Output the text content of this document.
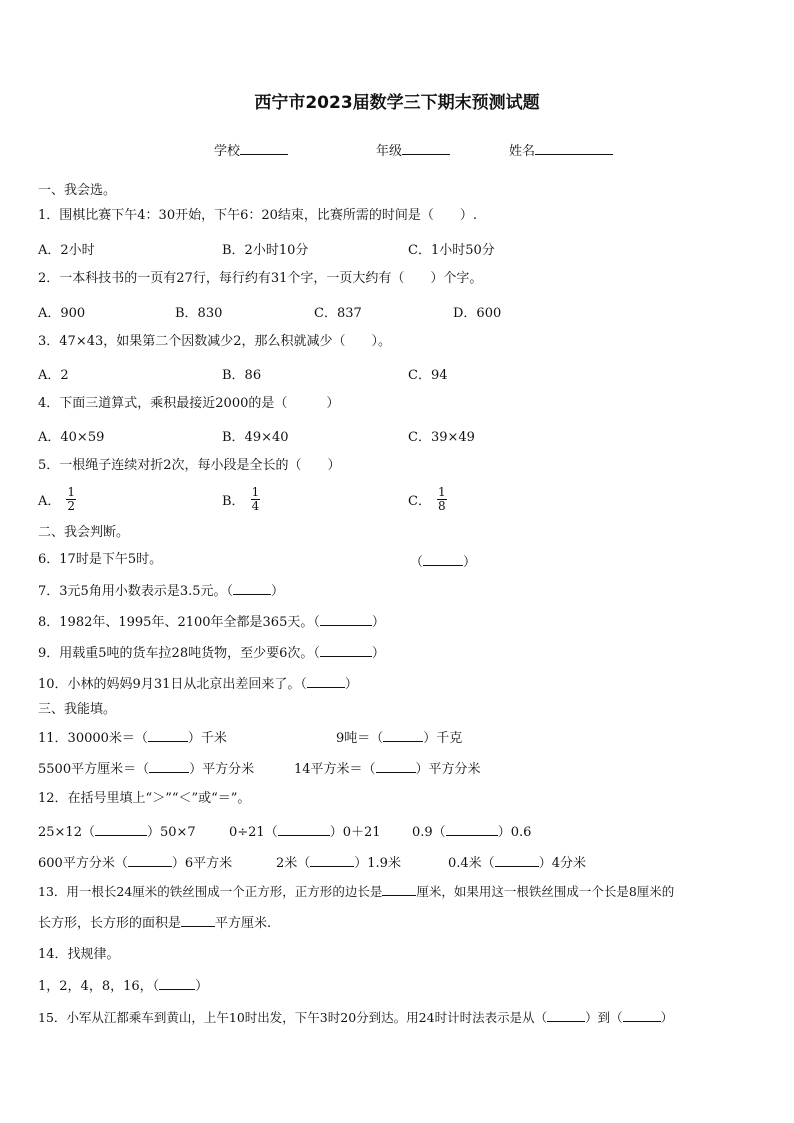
西宁市2023届数学三下期末预测试题
学校	年级	姓名
一、我会选。
1．围棋比赛下午4：30开始，下午6：20结束，比赛所需的时间是（　　）.
A．2小时	B．2小时10分	C．1小时50分
2．一本科技书的一页有27行，每行约有31个字，一页大约有（　　）个字。
A．900	B．830	C．837	D．600
3．47×43，如果第二个因数减少2，那么积就减少（　　）。
A．2	B．86	C．94
4．下面三道算式，乘积最接近2000的是（　　　）
A．40×59	B．49×40	C．39×49
5．一根绳子连续对折2次，每小段是全长的（　　）
A． $\frac{1}{2}$	B． $\frac{1}{4}$	C． $\frac{1}{8}$
二、我会判断。
6．17时是下午5时。	（	）
7．3元5角用小数表示是3.5元。（	）
8．1982年、1995年、2100年全都是365天。（	）
9．用载重5吨的货车拉28吨货物，至少要6次。（	）
10．小林的妈妈9月31日从北京出差回来了。（	）
三、我能填。
11．30000米＝（	）千米	9吨＝（	）千克
5500平方厘米＝（	）平方分米	14平方米＝（	）平方分米
12．在括号里填上“＞”“＜”或“＝”。
25×12（	）50×7	0÷21（	）0＋21 0.9（	）0.6
600平方分米（	）6平方米	2米（	）1.9米	0.4米（	）4分米
13．用一根长24厘米的铁丝围成一个正方形，正方形的边长是	厘米，如果用这一根铁丝围成一个长是8厘米的
长方形，长方形的面积是	平方厘米.
14．找规律。
1，2，4，8，16，（	）
15．小军从江都乘车到黄山，上午10时出发，下午3时20分到达。用24时计时法表示是从（	）到（	）
